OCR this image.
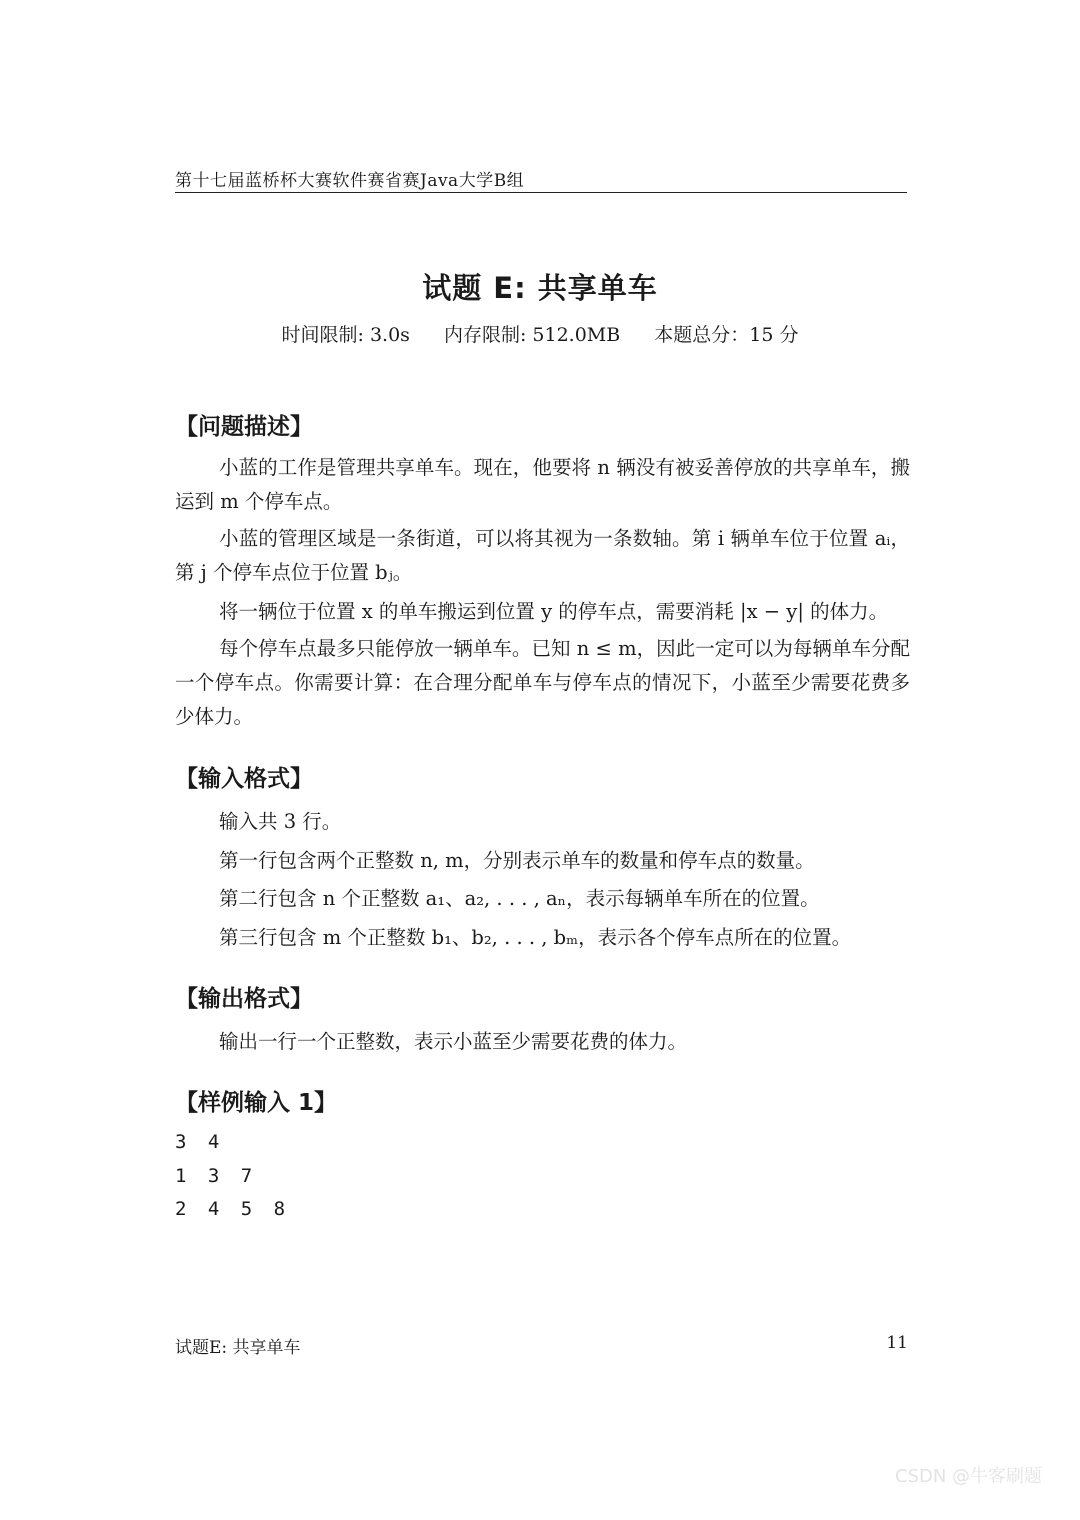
第十七届蓝桥杯大赛软件赛省赛Java大学B组
试题 E: 共享单车
时间限制: 3.0s 内存限制: 512.0MB 本题总分：15 分
【问题描述】
小蓝的工作是管理共享单车。现在，他要将 n 辆没有被妥善停放的共享单车，搬运到 m 个停车点。
小蓝的管理区域是一条街道，可以将其视为一条数轴。第 i 辆单车位于位置 aᵢ，第 j 个停车点位于位置 bⱼ。
将一辆位于位置 x 的单车搬运到位置 y 的停车点，需要消耗 |x − y| 的体力。
每个停车点最多只能停放一辆单车。已知 n ≤ m，因此一定可以为每辆单车分配一个停车点。你需要计算：在合理分配单车与停车点的情况下，小蓝至少需要花费多少体力。
【输入格式】
输入共 3 行。
第一行包含两个正整数 n, m，分别表示单车的数量和停车点的数量。
第二行包含 n 个正整数 a₁、a₂, . . . , aₙ，表示每辆单车所在的位置。
第三行包含 m 个正整数 b₁、b₂, . . . , bₘ，表示各个停车点所在的位置。
【输出格式】
输出一行一个正整数，表示小蓝至少需要花费的体力。
【样例输入 1】
3 4
1 3 7
2 4 5 8
试题E: 共享单车	11
CSDN @牛客刷题
